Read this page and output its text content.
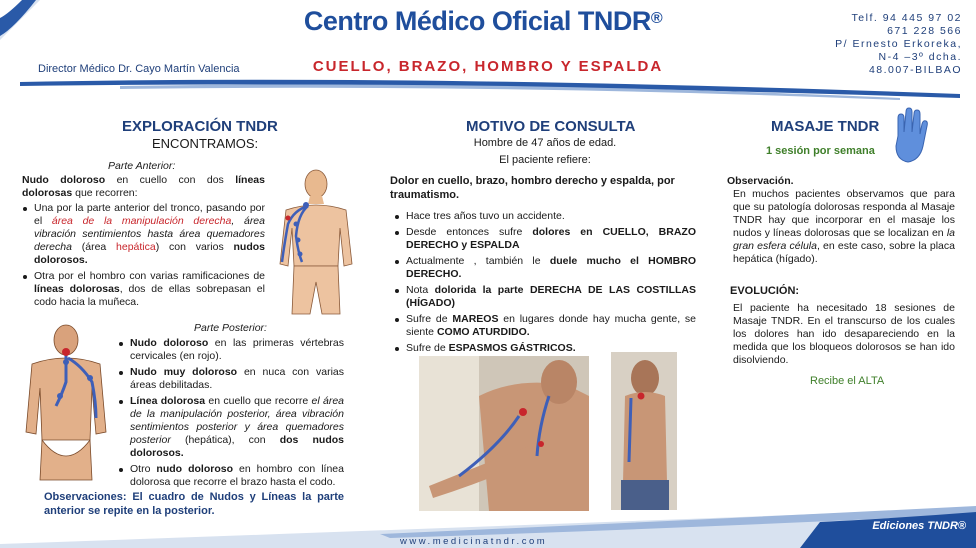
Centro Médico Oficial TNDR®
Director Médico Dr. Cayo Martín Valencia	CUELLO, BRAZO, HOMBRO Y ESPALDA
Telf. 94 445 97 02
671 228 566
P/ Ernesto Erkoreka,
N-4 –3º dcha.
48.007-BILBAO
EXPLORACIÓN TNDR
ENCONTRAMOS:
Parte Anterior:
Nudo doloroso en cuello con dos líneas dolorosas que recorren:
Una por la parte anterior del tronco, pasando por el área de la manipulación derecha, área vibración sentimientos hasta área quemadores derecha (área hepática) con varios nudos dolorosos.
Otra por el hombro con varias ramificaciones de líneas dolorosas, dos de ellas sobrepasan el codo hacia la muñeca.
Parte Posterior:
Nudo doloroso en las primeras vértebras cervicales (en rojo).
Nudo muy doloroso en nuca con varias áreas debilitadas.
Línea dolorosa en cuello que recorre el área de la manipulación posterior, área vibración sentimientos posterior y área quemadores posterior (hepática), con dos nudos dolorosos.
Otro nudo doloroso en hombro con línea dolorosa que recorre el brazo hasta el codo.
Observaciones: El cuadro de Nudos y Líneas la parte anterior se repite en la posterior.
MOTIVO DE CONSULTA
Hombre de 47 años de edad.
El paciente refiere:
Dolor en cuello, brazo, hombro derecho y espalda, por traumatismo.
Hace tres años tuvo un accidente.
Desde entonces sufre dolores en CUELLO, BRAZO DERECHO y ESPALDA
Actualmente , también le duele mucho el HOMBRO DERECHO.
Nota dolorida la parte DERECHA DE LAS COSTILLAS (HÍGADO)
Sufre de MAREOS en lugares donde hay mucha gente, se siente COMO ATURDIDO.
Sufre de ESPASMOS GÁSTRICOS.
MASAJE TNDR
1 sesión por semana
Observación.
En muchos pacientes observamos que para que su patología dolorosas responda al Masaje TNDR hay que incorporar en el masaje los nudos y líneas dolorosas que se localizan en la gran esfera célula, en este caso, sobre la placa hepática (hígado).
EVOLUCIÓN:
El paciente ha necesitado 18 sesiones de Masaje TNDR. En el transcurso de los cuales los dolores han ido desapareciendo en la medida que los bloqueos dolorosos se han ido disolviendo.
Recibe el ALTA
www.medicinatndr.com
Ediciones TNDR®
